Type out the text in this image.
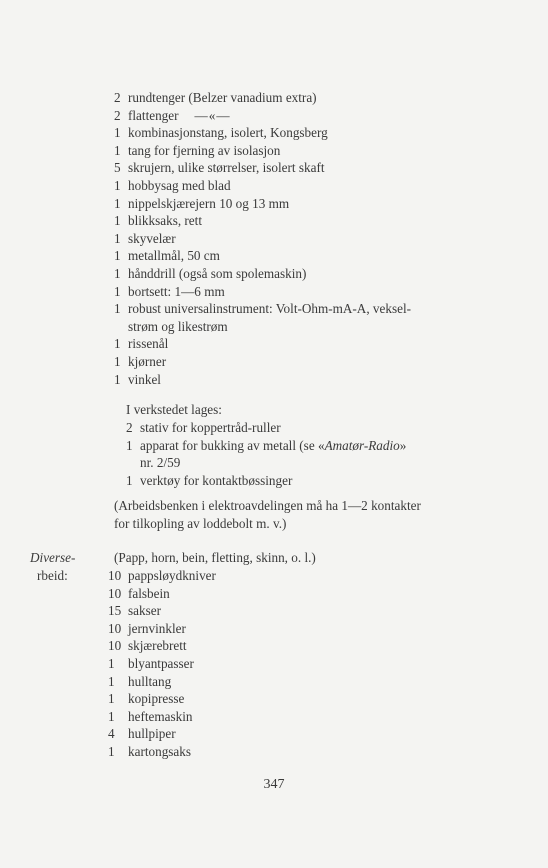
2 rundtenger (Belzer vanadium extra)
2 flattenger —«—
1 kombinasjonstang, isolert, Kongsberg
1 tang for fjerning av isolasjon
5 skrujern, ulike størrelser, isolert skaft
1 hobbysag med blad
1 nippelskjærejern 10 og 13 mm
1 blikksaks, rett
1 skyvelær
1 metallmål, 50 cm
1 hånddrill (også som spolemaskin)
1 bortsett: 1—6 mm
1 robust universalinstrument: Volt-Ohm-mA-A, veksel-
strøm og likestrøm
1 rissenål
1 kjørner
1 vinkel
I verkstedet lages:
2 stativ for koppertråd-ruller
1 apparat for bukking av metall (se «Amatør-Radio»
nr. 2/59
1 verktøy for kontaktbøssinger
(Arbeidsbenken i elektroavdelingen må ha 1—2 kontakter
for tilkopling av loddebolt m. v.)
Diverse-
rbeid:
(Papp, horn, bein, fletting, skinn, o. l.)
10 pappsløydkniver
10 falsbein
15 sakser
10 jernvinkler
10 skjærebrett
1 blyantpasser
1 hulltang
1 kopipresse
1 heftemaskin
4 hullpiper
1 kartongsaks
347
